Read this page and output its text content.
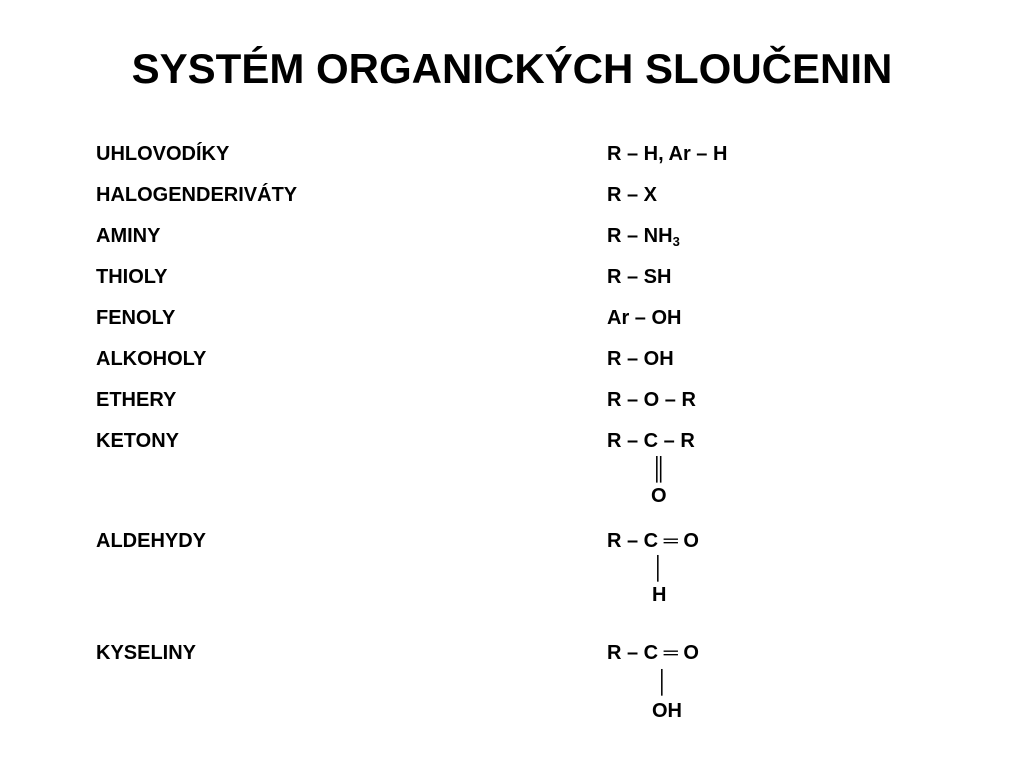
SYSTÉM ORGANICKÝCH SLOUČENIN
UHLOVODÍKY	R – H, Ar – H
HALOGENDERIVÁTY	R – X
AMINY	R – $NH_3$
THIOLY	R – SH
FENOLY	Ar – OH
ALKOHOLY	R – OH
ETHERY	R – O – R
KETONY	R – C – R
║
O
ALDEHYDY	R – C ═ O
│
H
KYSELINY	R – C ═ O
│
OH
